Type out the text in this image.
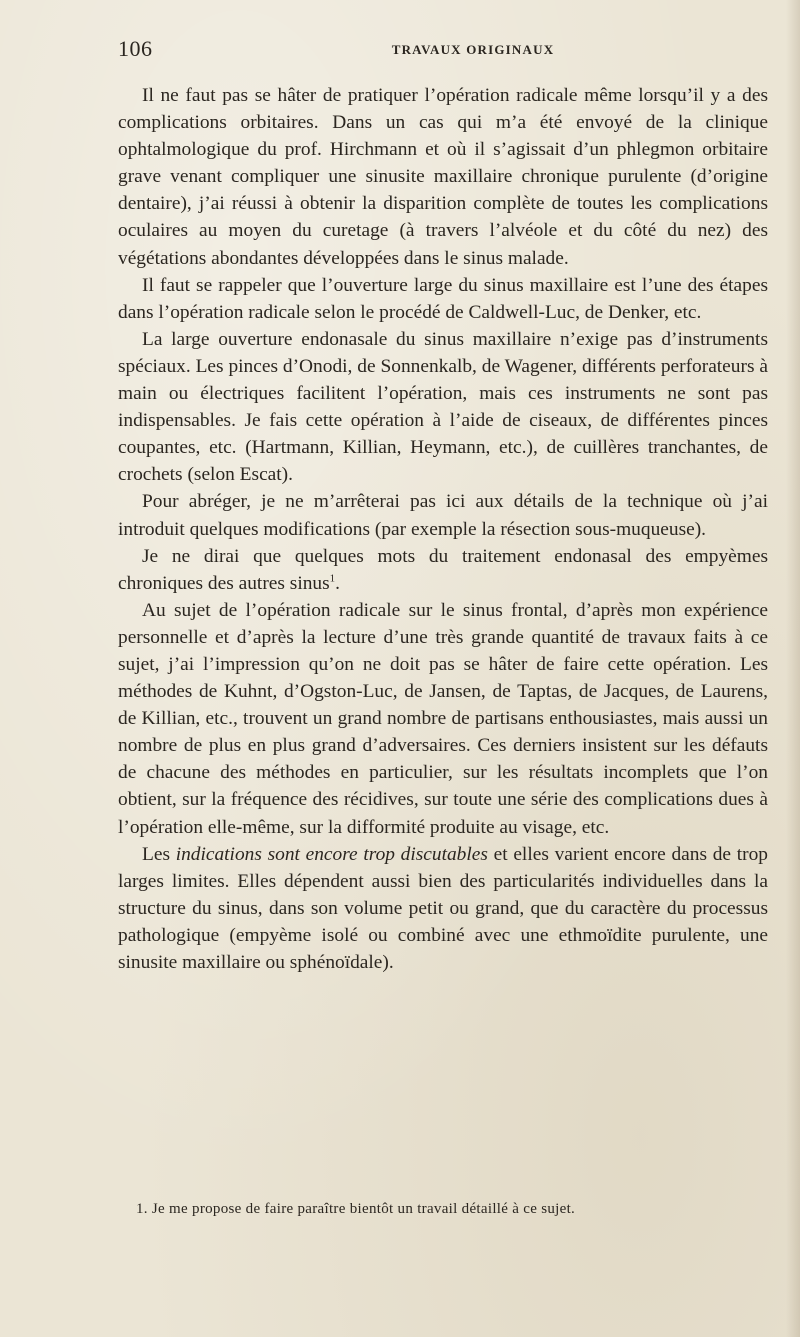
106	TRAVAUX ORIGINAUX

Il ne faut pas se hâter de pratiquer l’opération radicale même lorsqu’il y a des complications orbitaires. Dans un cas qui m’a été envoyé de la clinique ophtalmologique du prof. Hirchmann et où il s’agissait d’un phlegmon orbitaire grave venant compliquer une sinusite maxillaire chronique purulente (d’origine dentaire), j’ai réussi à obtenir la disparition complète de toutes les complications oculaires au moyen du curetage (à travers l’alvéole et du côté du nez) des végétations abondantes développées dans le sinus malade.

Il faut se rappeler que l’ouverture large du sinus maxillaire est l’une des étapes dans l’opération radicale selon le procédé de Caldwell-Luc, de Denker, etc.

La large ouverture endonasale du sinus maxillaire n’exige pas d’instruments spéciaux. Les pinces d’Onodi, de Sonnenkalb, de Wagener, différents perforateurs à main ou électriques facilitent l’opération, mais ces instruments ne sont pas indispensables. Je fais cette opération à l’aide de ciseaux, de différentes pinces coupantes, etc. (Hartmann, Killian, Heymann, etc.), de cuillères tranchantes, de crochets (selon Escat).

Pour abréger, je ne m’arrêterai pas ici aux détails de la technique où j’ai introduit quelques modifications (par exemple la résection sous-muqueuse).

Je ne dirai que quelques mots du traitement endonasal des empyèmes chroniques des autres sinus$^1$.

Au sujet de l’opération radicale sur le sinus frontal, d’après mon expérience personnelle et d’après la lecture d’une très grande quantité de travaux faits à ce sujet, j’ai l’impression qu’on ne doit pas se hâter de faire cette opération. Les méthodes de Kuhnt, d’Ogston-Luc, de Jansen, de Taptas, de Jacques, de Laurens, de Killian, etc., trouvent un grand nombre de partisans enthousiastes, mais aussi un nombre de plus en plus grand d’adversaires. Ces derniers insistent sur les défauts de chacune des méthodes en particulier, sur les résultats incomplets que l’on obtient, sur la fréquence des récidives, sur toute une série des complications dues à l’opération elle-même, sur la difformité produite au visage, etc.

Les indications sont encore trop discutables et elles varient encore dans de trop larges limites. Elles dépendent aussi bien des particularités individuelles dans la structure du sinus, dans son volume petit ou grand, que du caractère du processus pathologique (empyème isolé ou combiné avec une ethmoïdite purulente, une sinusite maxillaire ou sphénoïdale).

1. Je me propose de faire paraître bientôt un travail détaillé à ce sujet.
